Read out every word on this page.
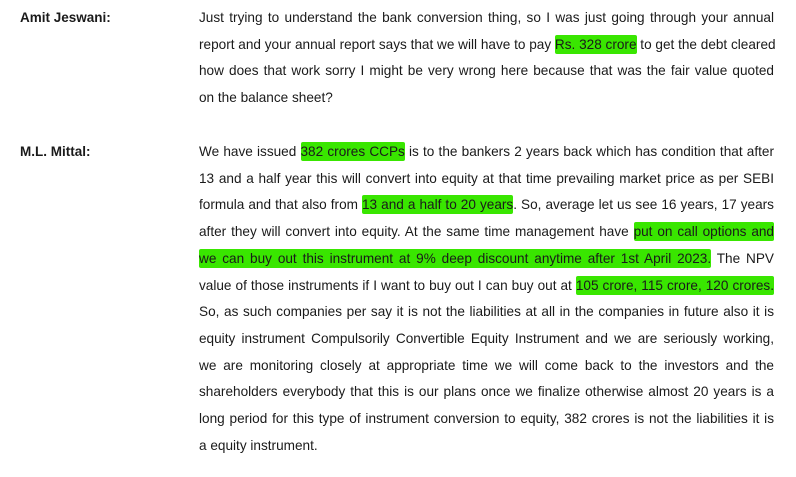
Amit Jeswani:	Just trying to understand the bank conversion thing, so I was just going through your annual
report and your annual report says that we will have to pay Rs. 328 crore to get the debt cleared
how does that work sorry I might be very wrong here because that was the fair value quoted
on the balance sheet?
M.L. Mittal:	We have issued 382 crores CCPs is to the bankers 2 years back which has condition that after
13 and a half year this will convert into equity at that time prevailing market price as per SEBI
formula and that also from 13 and a half to 20 years. So, average let us see 16 years, 17 years
after they will convert into equity. At the same time management have put on call options and
we can buy out this instrument at 9% deep discount anytime after 1st April 2023. The NPV
value of those instruments if I want to buy out I can buy out at 105 crore, 115 crore, 120 crores.
So, as such companies per say it is not the liabilities at all in the companies in future also it is
equity instrument Compulsorily Convertible Equity Instrument and we are seriously working,
we are monitoring closely at appropriate time we will come back to the investors and the
shareholders everybody that this is our plans once we finalize otherwise almost 20 years is a
long period for this type of instrument conversion to equity, 382 crores is not the liabilities it is
a equity instrument.
